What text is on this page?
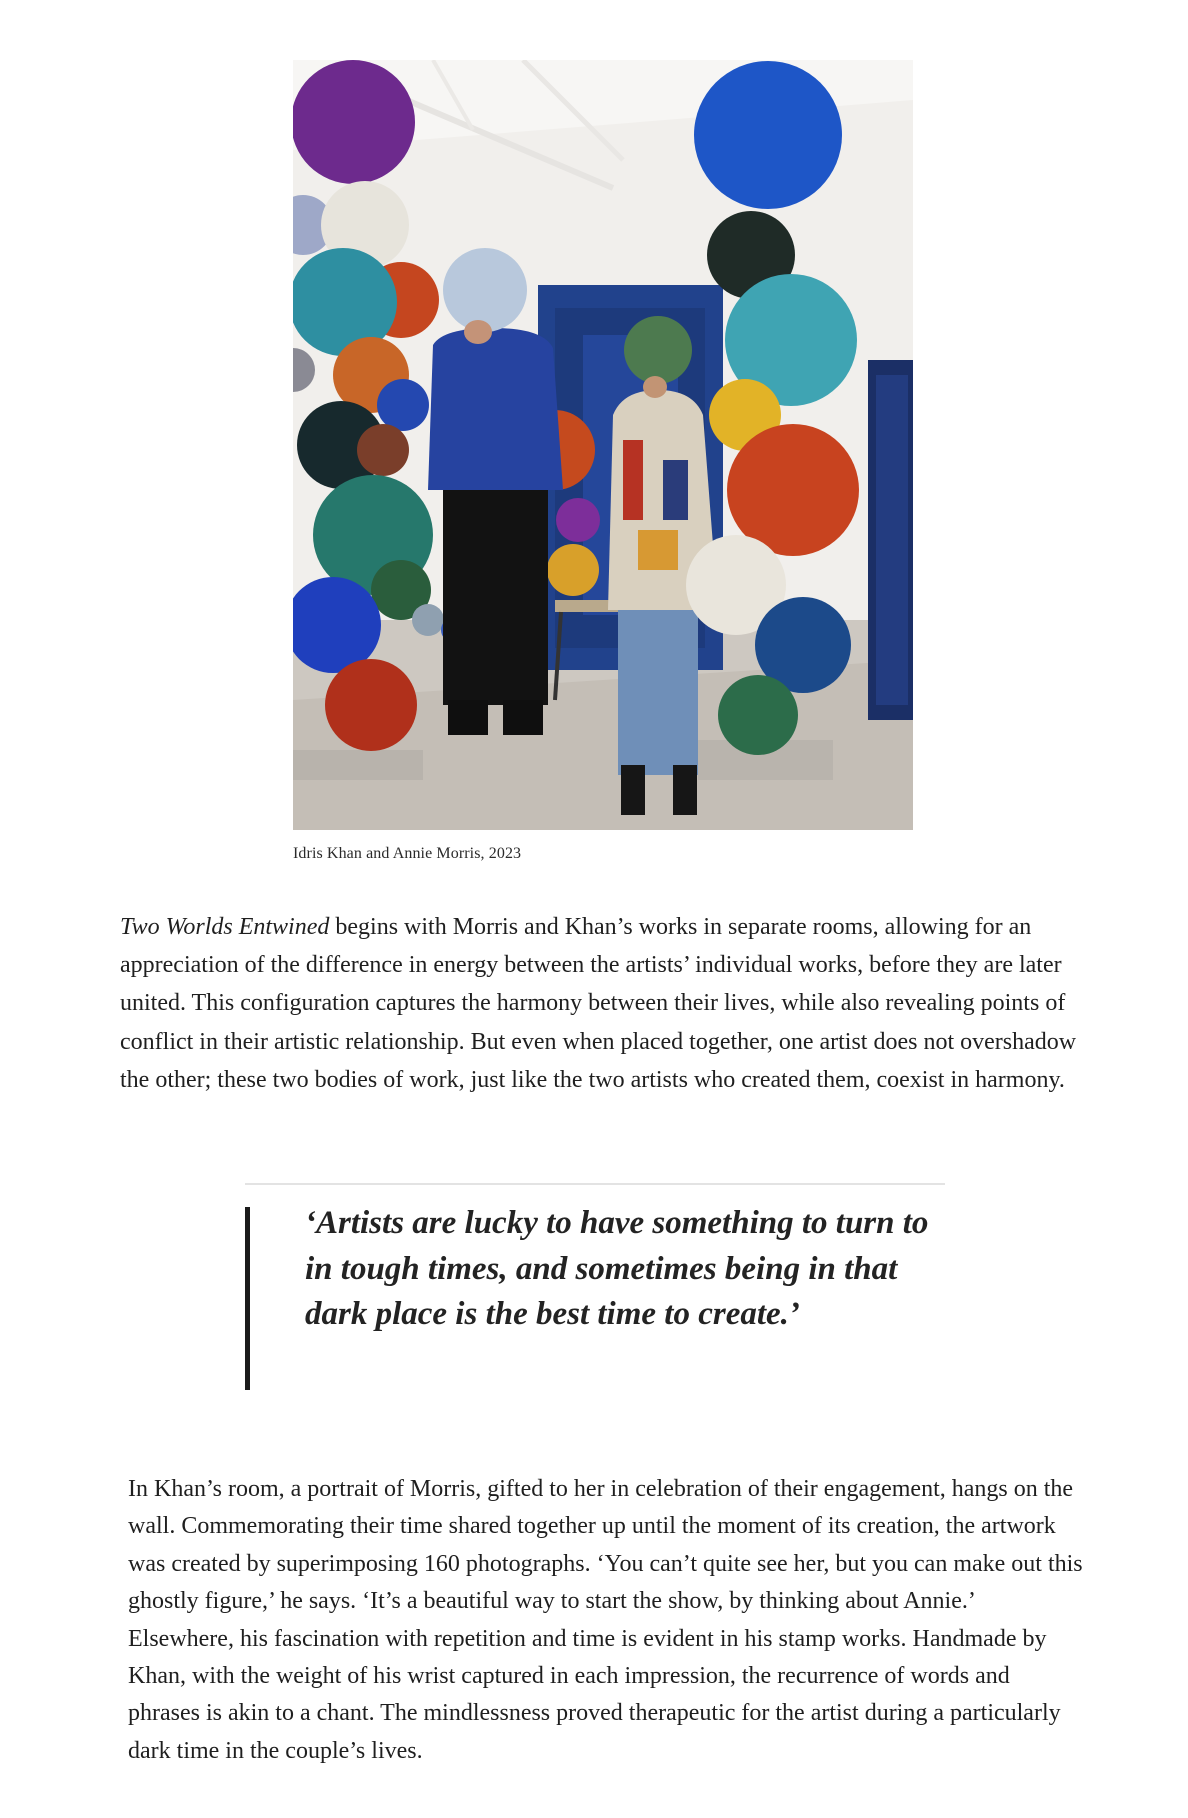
Idris Khan and Annie Morris, 2023

Two Worlds Entwined begins with Morris and Khan’s works in separate rooms, allowing for an appreciation of the difference in energy between the artists’ individual works, before they are later united. This configuration captures the harmony between their lives, while also revealing points of conflict in their artistic relationship. But even when placed together, one artist does not overshadow the other; these two bodies of work, just like the two artists who created them, coexist in harmony.

‘Artists are lucky to have something to turn to in tough times, and sometimes being in that dark place is the best time to create.’

In Khan’s room, a portrait of Morris, gifted to her in celebration of their engagement, hangs on the wall. Commemorating their time shared together up until the moment of its creation, the artwork was created by superimposing 160 photographs. ‘You can’t quite see her, but you can make out this ghostly figure,’ he says. ‘It’s a beautiful way to start the show, by thinking about Annie.’ Elsewhere, his fascination with repetition and time is evident in his stamp works. Handmade by Khan, with the weight of his wrist captured in each impression, the recurrence of words and phrases is akin to a chant. The mindlessness proved therapeutic for the artist during a particularly dark time in the couple’s lives.
